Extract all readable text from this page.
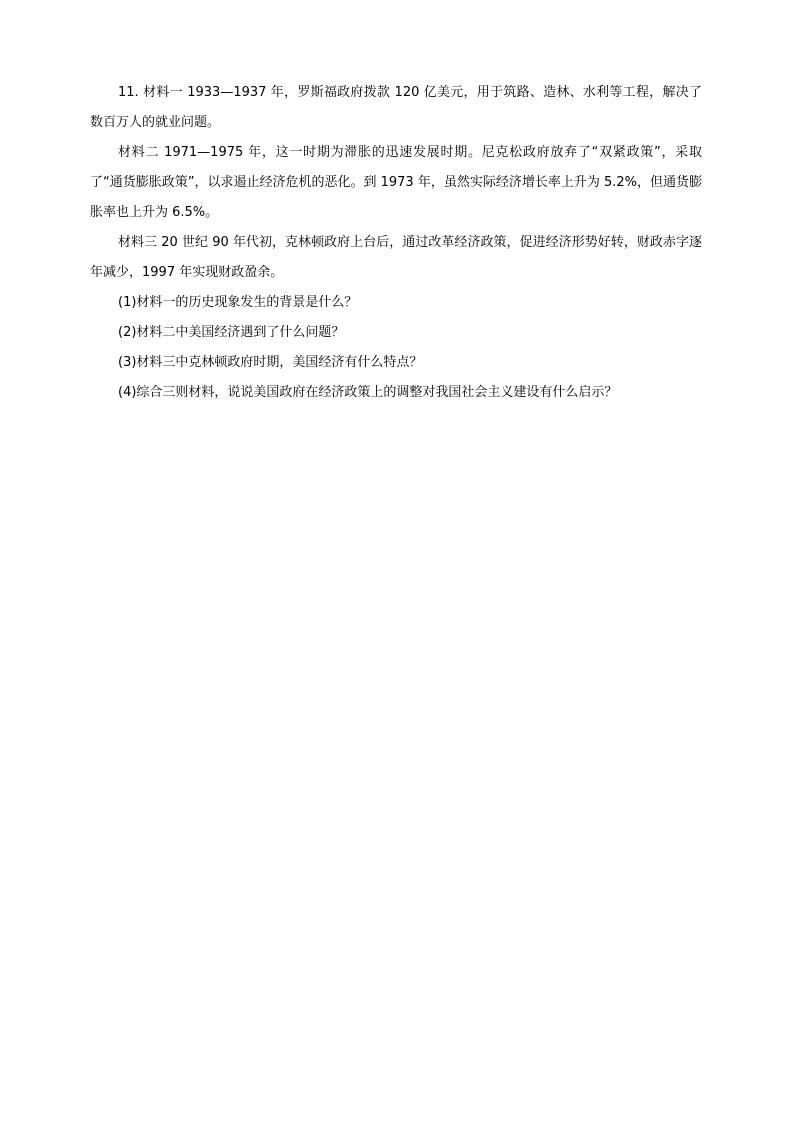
11. 材料一 1933—1937 年，罗斯福政府拨款 120 亿美元，用于筑路、造林、水利等工程，解决了数百万人的就业问题。

材料二 1971—1975 年，这一时期为滞胀的迅速发展时期。尼克松政府放弃了“双紧政策”，采取了“通货膨胀政策”，以求遏止经济危机的恶化。到 1973 年，虽然实际经济增长率上升为 5.2%，但通货膨胀率也上升为 6.5%。

材料三 20 世纪 90 年代初，克林顿政府上台后，通过改革经济政策，促进经济形势好转，财政赤字逐年减少，1997 年实现财政盈余。

(1)材料一的历史现象发生的背景是什么？

(2)材料二中美国经济遇到了什么问题？

(3)材料三中克林顿政府时期，美国经济有什么特点？

(4)综合三则材料，说说美国政府在经济政策上的调整对我国社会主义建设有什么启示？
